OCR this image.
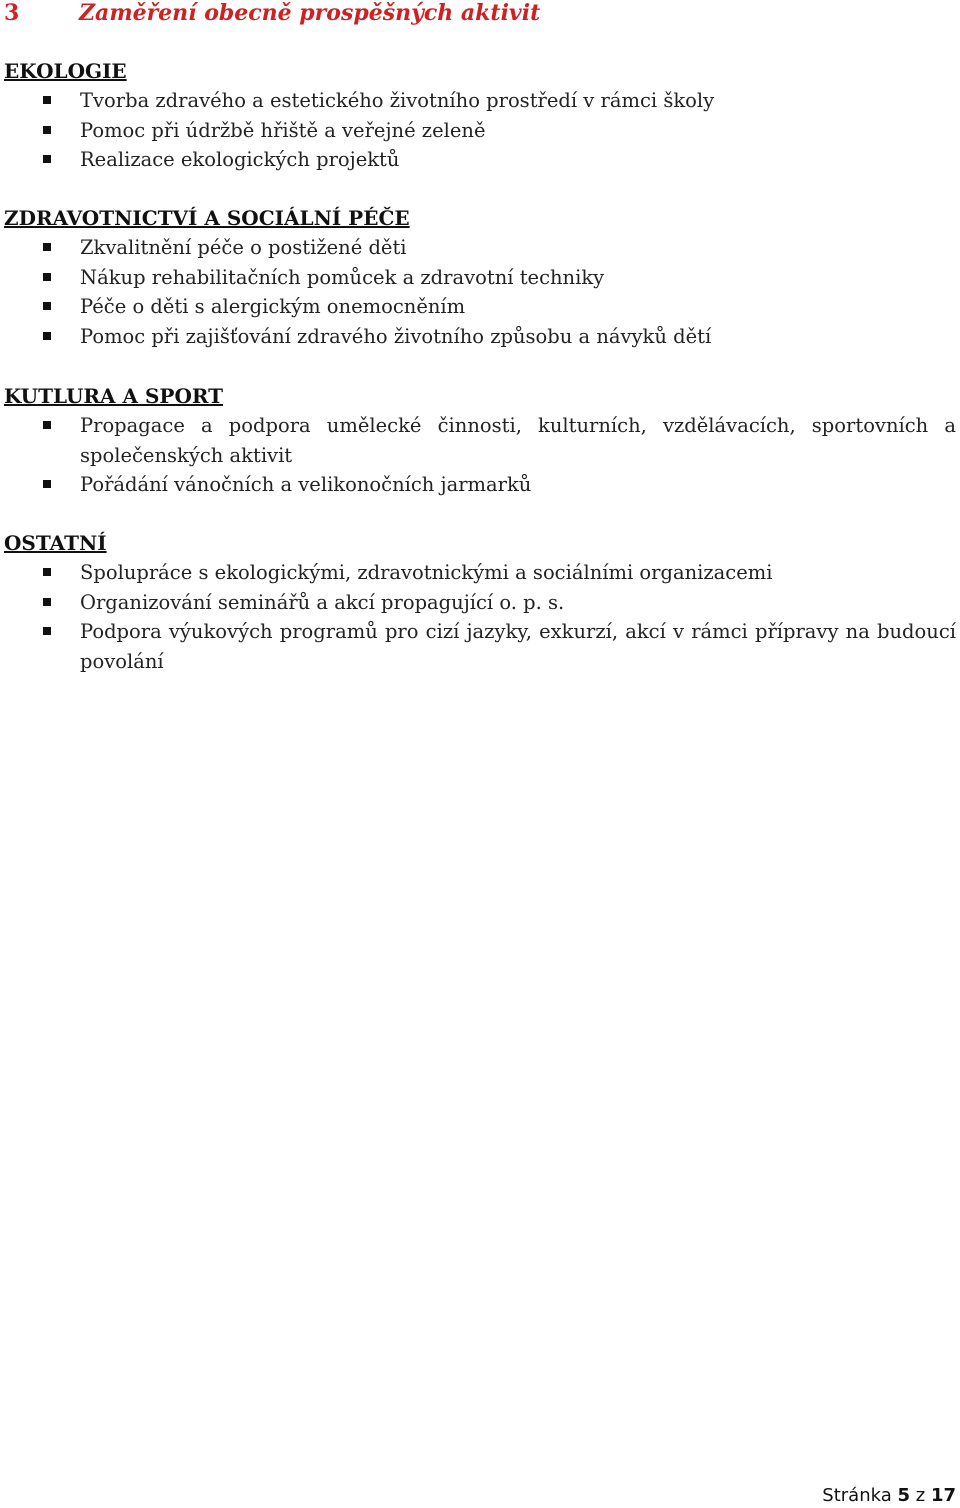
3	Zaměření obecně prospěšných aktivit
EKOLOGIE
Tvorba zdravého a estetického životního prostředí v rámci školy
Pomoc při údržbě hřiště a veřejné zeleně
Realizace ekologických projektů
ZDRAVOTNICTVÍ A SOCIÁLNÍ PÉČE
Zkvalitnění péče o postižené děti
Nákup rehabilitačních pomůcek a zdravotní techniky
Péče o děti s alergickým onemocněním
Pomoc při zajišťování zdravého životního způsobu a návyků dětí
KUTLURA A SPORT
Propagace a podpora umělecké činnosti, kulturních, vzdělávacích, sportovních a společenských aktivit
Pořádání vánočních a velikonočních jarmarků
OSTATNÍ
Spolupráce s ekologickými, zdravotnickými a sociálními organizacemi
Organizování seminářů a akcí propagující o. p. s.
Podpora výukových programů pro cizí jazyky, exkurzí, akcí v rámci přípravy na budoucí povolání
Stránka 5 z 17
